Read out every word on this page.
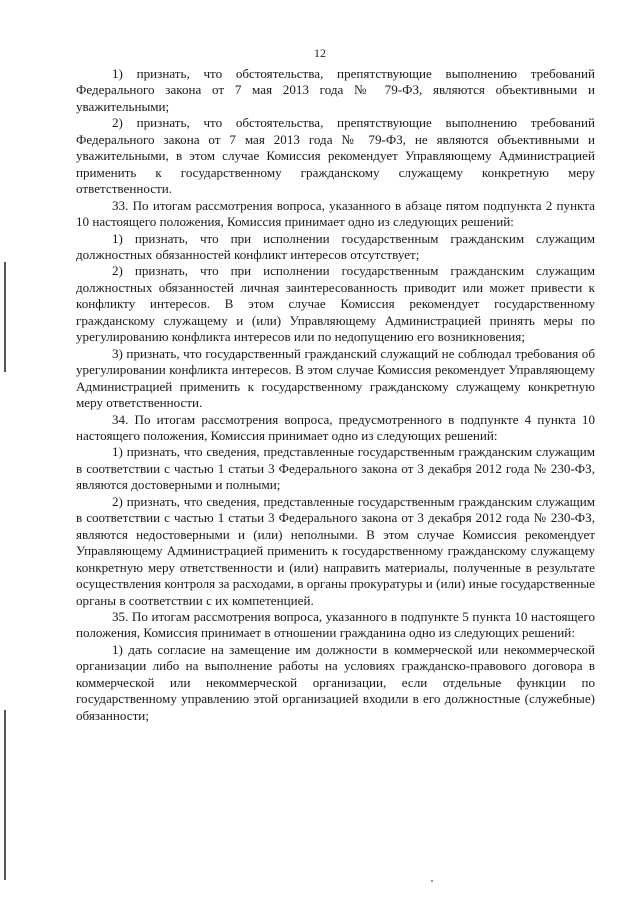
12

1) признать, что обстоятельства, препятствующие выполнению требований Федерального закона от 7 мая 2013 года № 79-ФЗ, являются объективными и уважительными;

2) признать, что обстоятельства, препятствующие выполнению требований Федерального закона от 7 мая 2013 года № 79-ФЗ, не являются объективными и уважительными, в этом случае Комиссия рекомендует Управляющему Администрацией применить к государственному гражданскому служащему конкретную меру ответственности.

33. По итогам рассмотрения вопроса, указанного в абзаце пятом подпункта 2 пункта 10 настоящего положения, Комиссия принимает одно из следующих решений:

1) признать, что при исполнении государственным гражданским служащим должностных обязанностей конфликт интересов отсутствует;

2) признать, что при исполнении государственным гражданским служащим должностных обязанностей личная заинтересованность приводит или может привести к конфликту интересов. В этом случае Комиссия рекомендует государственному гражданскому служащему и (или) Управляющему Администрацией принять меры по урегулированию конфликта интересов или по недопущению его возникновения;

3) признать, что государственный гражданский служащий не соблюдал требования об урегулировании конфликта интересов. В этом случае Комиссия рекомендует Управляющему Администрацией применить к государственному гражданскому служащему конкретную меру ответственности.

34. По итогам рассмотрения вопроса, предусмотренного в подпункте 4 пункта 10 настоящего положения, Комиссия принимает одно из следующих решений:

1) признать, что сведения, представленные государственным гражданским служащим в соответствии с частью 1 статьи 3 Федерального закона от 3 декабря 2012 года № 230-ФЗ, являются достоверными и полными;

2) признать, что сведения, представленные государственным гражданским служащим в соответствии с частью 1 статьи 3 Федерального закона от 3 декабря 2012 года № 230-ФЗ, являются недостоверными и (или) неполными. В этом случае Комиссия рекомендует Управляющему Администрацией применить к государственному гражданскому служащему конкретную меру ответственности и (или) направить материалы, полученные в результате осуществления контроля за расходами, в органы прокуратуры и (или) иные государственные органы в соответствии с их компетенцией.

35. По итогам рассмотрения вопроса, указанного в подпункте 5 пункта 10 настоящего положения, Комиссия принимает в отношении гражданина одно из следующих решений:

1) дать согласие на замещение им должности в коммерческой или некоммерческой организации либо на выполнение работы на условиях гражданско-правового договора в коммерческой или некоммерческой организации, если отдельные функции по государственному управлению этой организацией входили в его должностные (служебные) обязанности;
